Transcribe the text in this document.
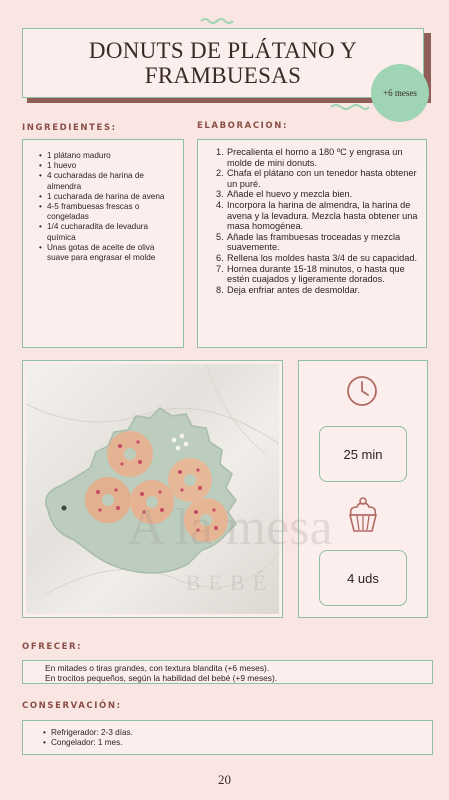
DONUTS DE PLÁTANO Y FRAMBUESAS
+6 meses
INGREDIENTES:	ELABORACION:
• 1 plátano maduro
• 1 huevo
• 4 cucharadas de harina de almendra
• 1 cucharada de harina de avena
• 4-5 frambuesas frescas o congeladas
• 1/4 cucharadita de levadura química
• Unas gotas de aceite de oliva suave para engrasar el molde
Precalienta el horno a 180 ºC y engrasa un molde de mini donuts.
Chafa el plátano con un tenedor hasta obtener un puré.
Añade el huevo y mezcla bien.
Incorpora la harina de almendra, la harina de avena y la levadura. Mezcla hasta obtener una masa homogénea.
Añade las frambuesas troceadas y mezcla suavemente.
Rellena los moldes hasta 3/4 de su capacidad.
Hornea durante 15-18 minutos, o hasta que estén cuajados y ligeramente dorados.
Deja enfriar antes de desmoldar.
25 min
4 uds
A la mesa
BEBÉ
OFRECER:
En mitades o tiras grandes, con textura blandita (+6 meses).
En trocitos pequeños, según la habilidad del bebé (+9 meses).
CONSERVACIÓN:
• Refrigerador: 2-3 días.
• Congelador: 1 mes.
20
